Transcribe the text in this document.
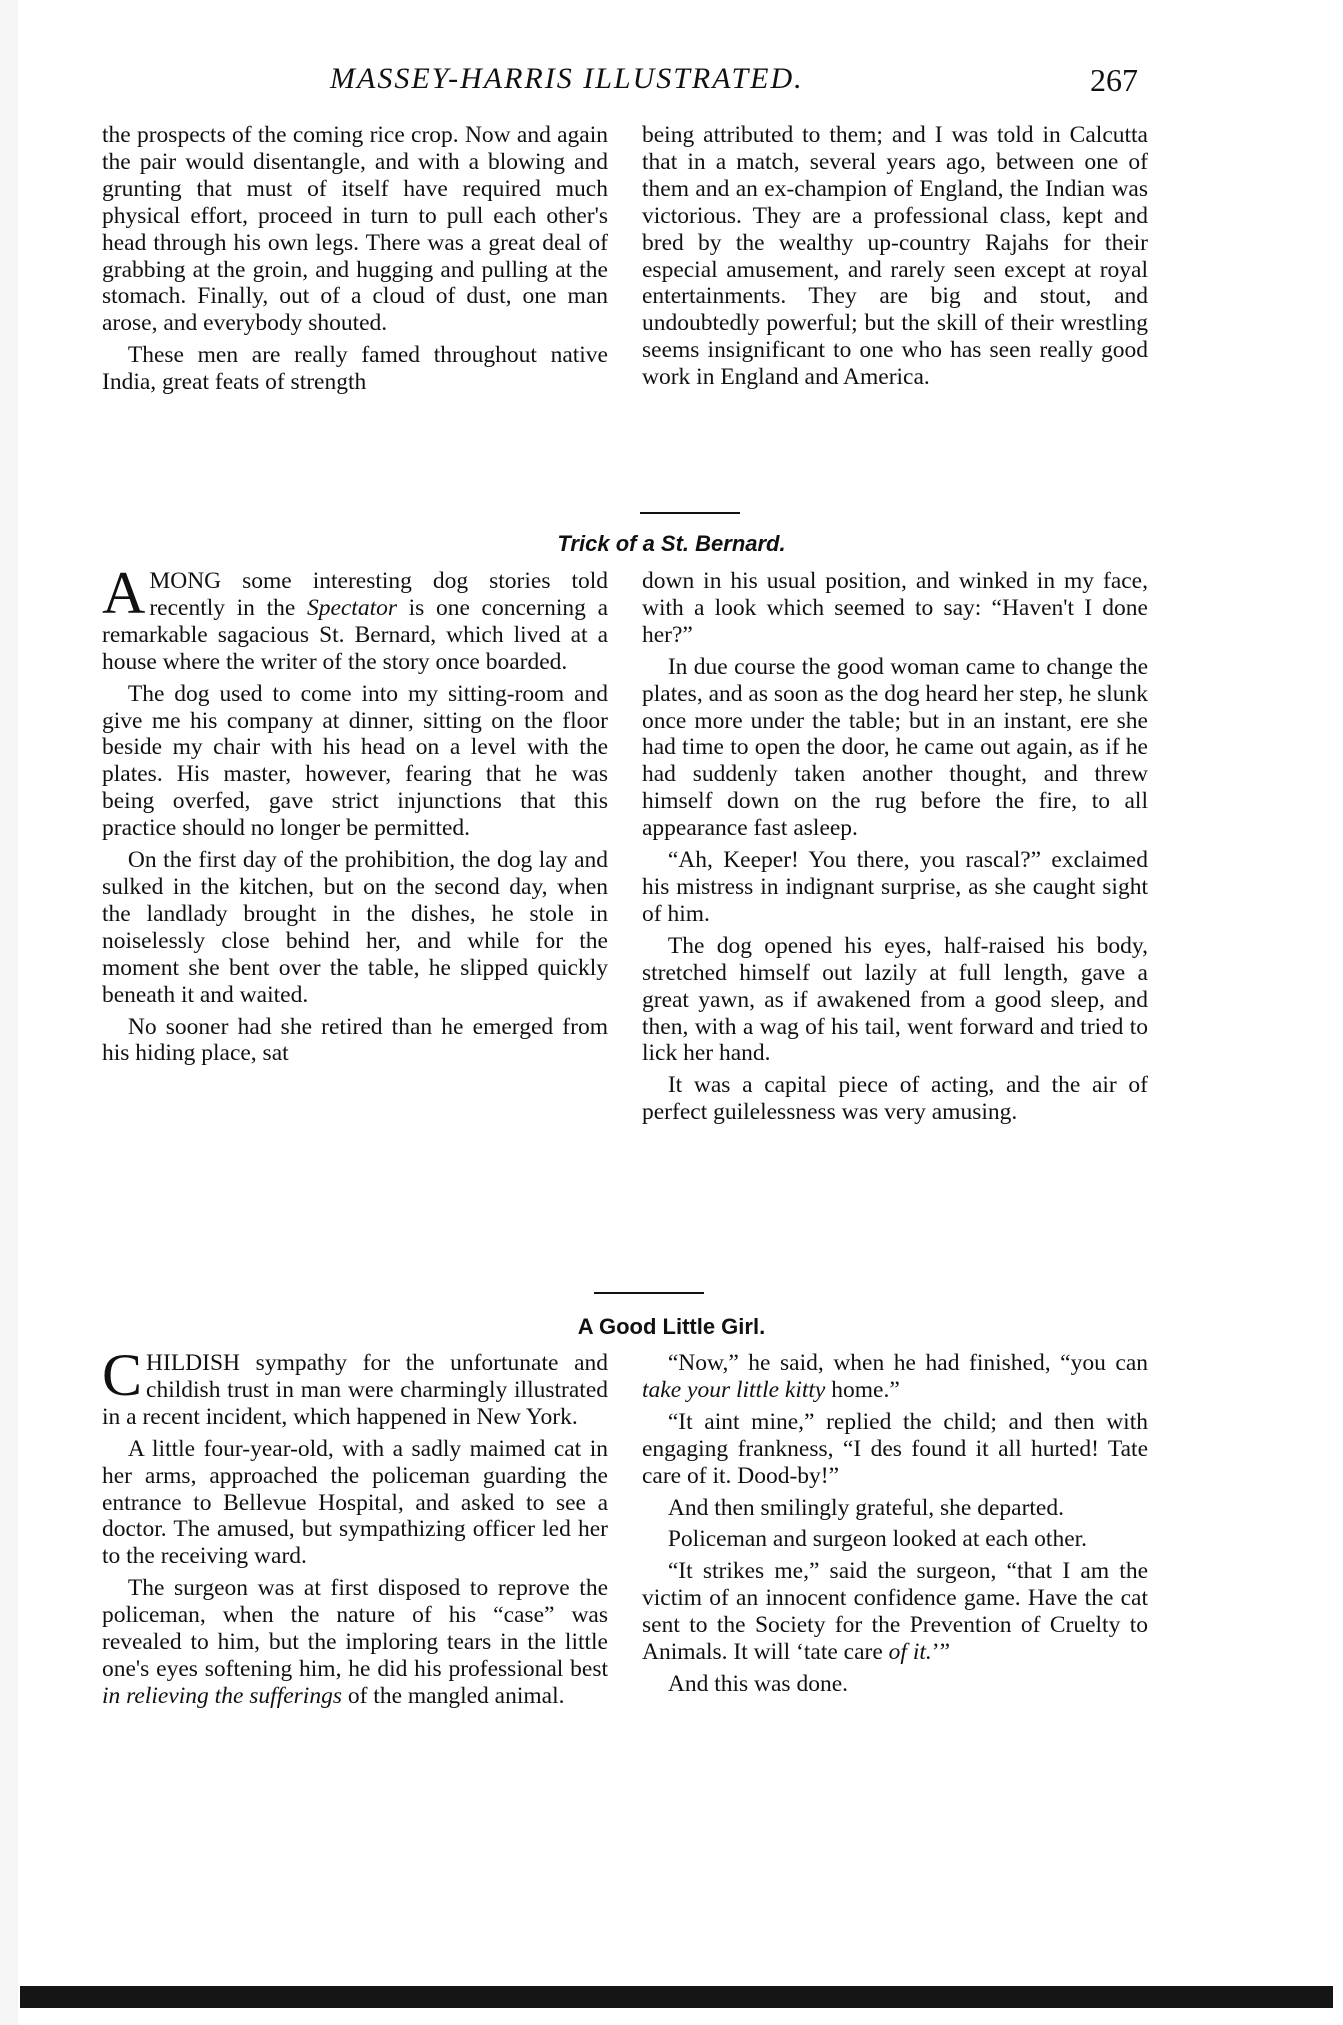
MASSEY-HARRIS ILLUSTRATED.	267

the prospects of the coming rice crop. Now and again the pair would disentangle, and with a blowing and grunting that must of itself have required much physical effort, proceed in turn to pull each other's head through his own legs. There was a great deal of grabbing at the groin, and hugging and pulling at the stomach. Finally, out of a cloud of dust, one man arose, and everybody shouted.

These men are really famed throughout native India, great feats of strength

being attributed to them; and I was told in Calcutta that in a match, several years ago, between one of them and an ex-champion of England, the Indian was victorious. They are a professional class, kept and bred by the wealthy up-country Rajahs for their especial amusement, and rarely seen except at royal entertainments. They are big and stout, and undoubtedly powerful; but the skill of their wrestling seems insignificant to one who has seen really good work in England and America.

Trick of a St. Bernard.

AMONG some interesting dog stories told recently in the Spectator is one concerning a remarkable sagacious St. Bernard, which lived at a house where the writer of the story once boarded.

The dog used to come into my sitting-room and give me his company at dinner, sitting on the floor beside my chair with his head on a level with the plates. His master, however, fearing that he was being overfed, gave strict injunctions that this practice should no longer be permitted.

On the first day of the prohibition, the dog lay and sulked in the kitchen, but on the second day, when the landlady brought in the dishes, he stole in noiselessly close behind her, and while for the moment she bent over the table, he slipped quickly beneath it and waited.

No sooner had she retired than he emerged from his hiding place, sat

down in his usual position, and winked in my face, with a look which seemed to say: “Haven't I done her?”

In due course the good woman came to change the plates, and as soon as the dog heard her step, he slunk once more under the table; but in an instant, ere she had time to open the door, he came out again, as if he had suddenly taken another thought, and threw himself down on the rug before the fire, to all appearance fast asleep.

“Ah, Keeper! You there, you rascal?” exclaimed his mistress in indignant surprise, as she caught sight of him.

The dog opened his eyes, half-raised his body, stretched himself out lazily at full length, gave a great yawn, as if awakened from a good sleep, and then, with a wag of his tail, went forward and tried to lick her hand.

It was a capital piece of acting, and the air of perfect guilelessness was very amusing.

A Good Little Girl.

CHILDISH sympathy for the unfortunate and childish trust in man were charmingly illustrated in a recent incident, which happened in New York.

A little four-year-old, with a sadly maimed cat in her arms, approached the policeman guarding the entrance to Bellevue Hospital, and asked to see a doctor. The amused, but sympathizing officer led her to the receiving ward.

The surgeon was at first disposed to reprove the policeman, when the nature of his “case” was revealed to him, but the imploring tears in the little one's eyes softening him, he did his professional best in relieving the sufferings of the mangled animal.

“Now,” he said, when he had finished, “you can take your little kitty home.”

“It aint mine,” replied the child; and then with engaging frankness, “I des found it all hurted! Tate care of it. Dood-by!”

And then smilingly grateful, she departed.

Policeman and surgeon looked at each other.

“It strikes me,” said the surgeon, “that I am the victim of an innocent confidence game. Have the cat sent to the Society for the Prevention of Cruelty to Animals. It will ‘tate care of it.’”

And this was done.
